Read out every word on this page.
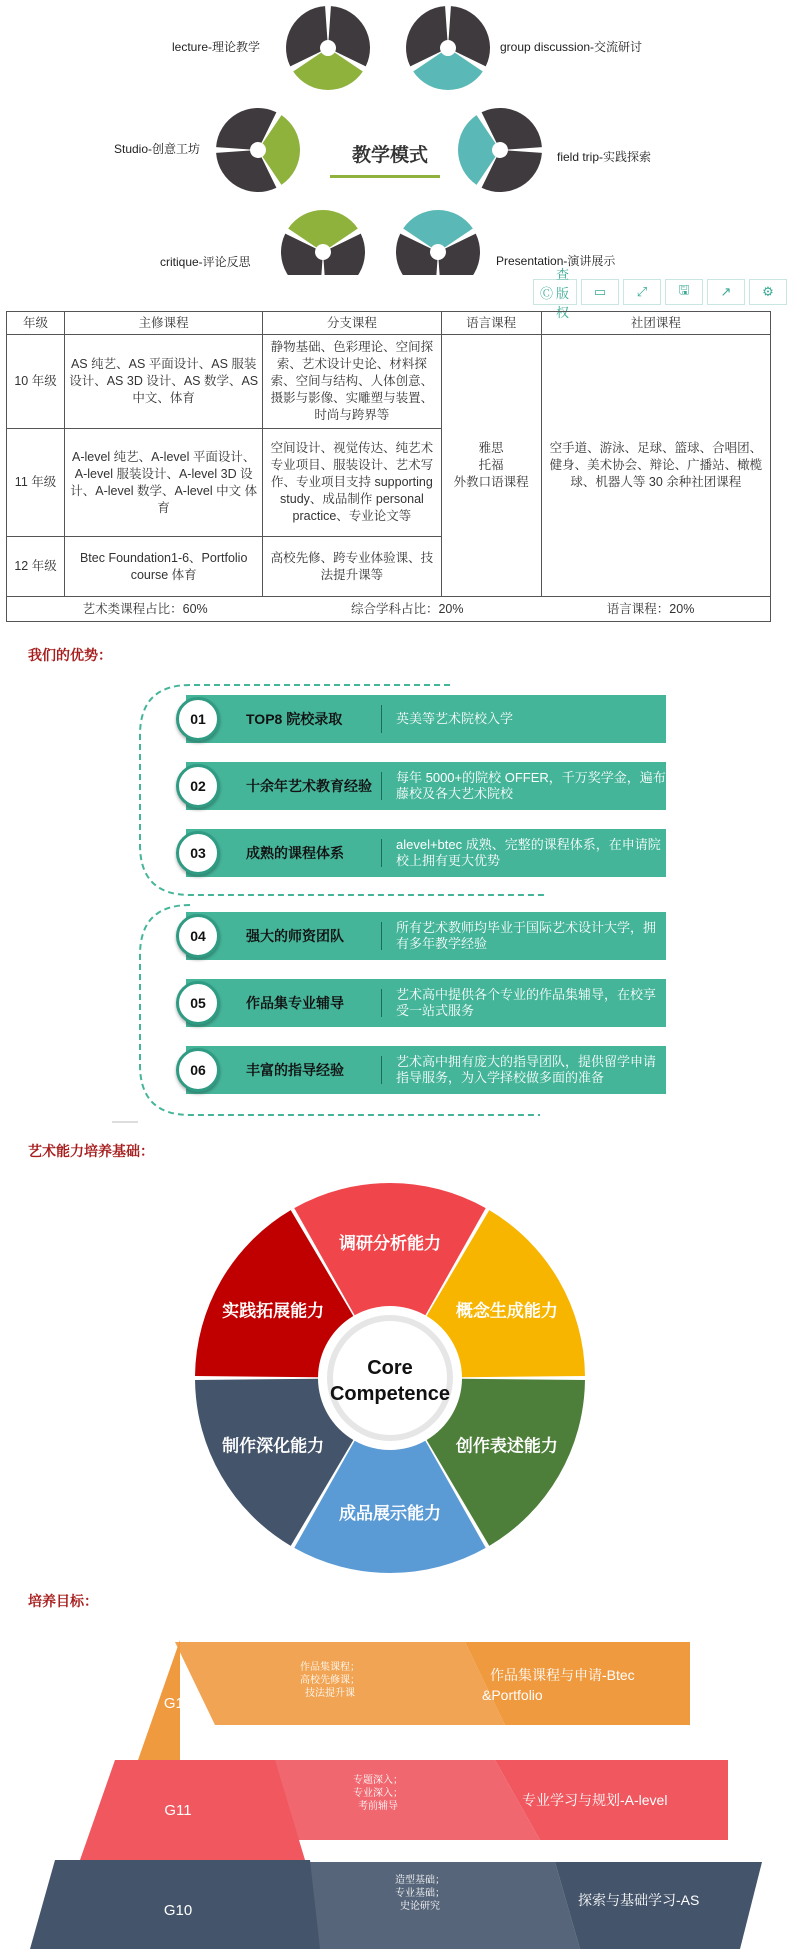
lecture-理论教学	group discussion-交流研讨
Studio-创意工坊
field trip-实践探索
critique-评论反思	Presentation-演讲展示
教学模式
Ⓒ
查版权
▭ ⤢ 🖫 ↗ ⚙
年级	主修课程	分支课程	语言课程	社团课程
10 年级	AS 纯艺、AS 平面设计、AS 服装设计、AS 3D 设计、AS 数学、AS 中文、体育	静物基础、色彩理论、空间探索、艺术设计史论、材料探索、空间与结构、人体创意、摄影与影像、实雕塑与装置、时尚与跨界等	雅思
托福
外教口语课程	空手道、游泳、足球、篮球、合唱团、健身、美术协会、辩论、广播站、橄榄球、机器人等 30 余种社团课程
11 年级	A-level 纯艺、A-level 平面设计、A-level 服装设计、A-level 3D 设计、A-level 数学、A-level 中文 体育	空间设计、视觉传达、纯艺术专业项目、服装设计、艺术写作、专业项目支持 supporting study、成品制作 personal practice、专业论文等		
12 年级	Btec Foundation1-6、Portfolio course 体育	高校先修、跨专业体验课、技法提升课等		

艺术类课程占比：60% 综合学科占比：20% 语言课程：20%				
我们的优势：
01	TOP8 院校录取	英美等艺术院校入学
02	十余年艺术教育经验
每年 5000+的院校 OFFER，千万奖学金，遍布藤校及各大艺术院校
03	成熟的课程体系
alevel+btec 成熟、完整的课程体系，在申请院校上拥有更大优势
04	强大的师资团队
所有艺术教师均毕业于国际艺术设计大学，拥有多年教学经验
05	作品集专业辅导
艺术高中提供各个专业的作品集辅导，在校享受一站式服务
06	丰富的指导经验
艺术高中拥有庞大的指导团队，提供留学申请指导服务，为入学择校做多面的准备
艺术能力培养基础：
调研分析能力
概念生成能力
创作表述能力
成品展示能力
制作深化能力
实践拓展能力
Core
Competence
培养目标：
G12
作品集课程；
高校先修课；
技法提升课
作品集课程与申请-Btec
&Portfolio
G11
专题深入；
专业深入；
考前辅导	专业学习与规划-A-level
G10
造型基础；
专业基础；
史论研究	探索与基础学习-AS
